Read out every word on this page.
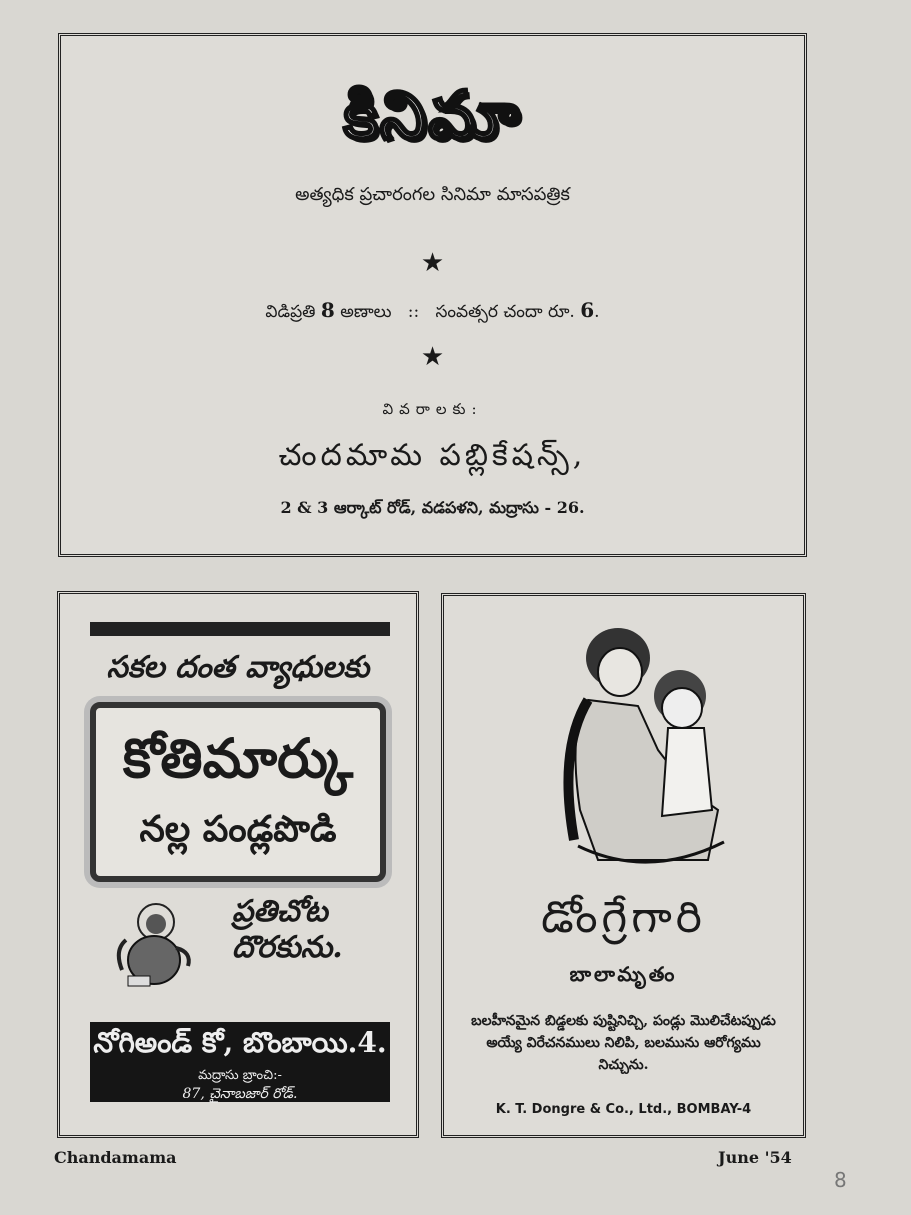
కినిమా
అత్యధిక ప్రచారంగల సినిమా మాసపత్రిక
★
విడిప్రతి 8 అణాలు :: సంవత్సర చందా రూ. 6.
★
వివరాలకు:
చందమామ పబ్లికేషన్స్,
2 & 3 ఆర్కాట్ రోడ్, వడపళని, మద్రాసు - 26.
సకల దంత వ్యాధులకు
కోతిమార్కు
నల్ల పండ్లపొడి
ప్రతిచోట
దొరకును.
నోగిఅండ్ కో, బొంబాయి.4.
మద్రాసు బ్రాంచి:-
87, చైనాబజార్ రోడ్.
డోంగ్రేగారి
బాలామృతం
బలహీనమైన బిడ్డలకు పుష్టినిచ్చి, పండ్లు మొలిచేటప్పుడు అయ్యే విరేచనములు నిలిపి, బలమును ఆరోగ్యము నిచ్చును.
K. T. Dongre & Co., Ltd., BOMBAY-4
Chandamama	June '54
8
